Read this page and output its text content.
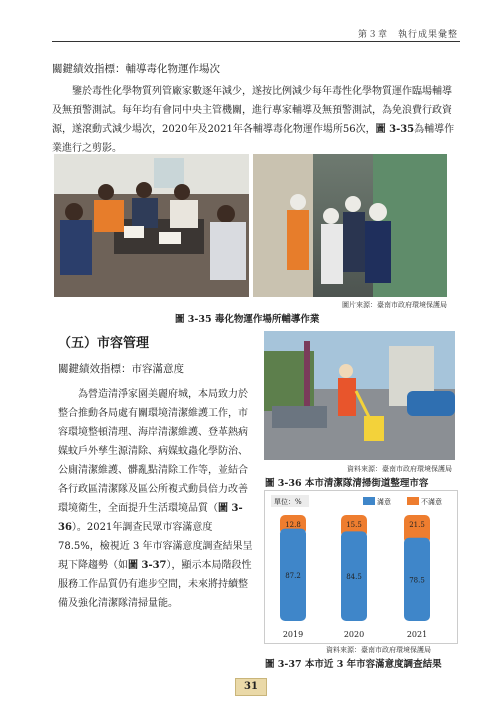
第３章　執行成果彙整
關鍵績效指標：輔導毒化物運作場次
鑒於毒性化學物質列管廠家數逐年減少，遂按比例減少每年毒性化學物質運作臨場輔導及無預警測試。每年均有會同中央主管機關，進行專家輔導及無預警測試，為免浪費行政資源，遂滾動式減少場次，2020年及2021年各輔導毒化物運作場所56次，圖 3-35為輔導作業進行之剪影。
圖片來源：臺南市政府環境保護局
圖 3-35 毒化物運作場所輔導作業
（五）市容管理
關鍵績效指標：市容滿意度
為營造清淨家園美麗府城，本局致力於整合推動各局處有關環境清潔維護工作，市容環境整頓清理、海岸清潔維護、登革熱病媒蚊戶外孳生源清除、病媒蚊蟲化學防治、公廁清潔維護、髒亂點清除工作等，並結合各行政區清潔隊及區公所複式動員倍力改善環境衛生，全面提升生活環境品質（圖 3-36）。2021年調查民眾市容滿意度78.5%，檢視近 3 年市容滿意度調查結果呈現下降趨勢（如圖 3-37），顯示本局階段性服務工作品質仍有進步空間，未來將持續整備及強化清潔隊清掃量能。
資料來源：臺南市政府環境保護局
圖 3-36 本市清潔隊清掃街道整理市容
單位：%	滿意	不滿意
12.8
87.2
15.5
84.5
21.5
78.5
2019	2020	2021
資料來源：臺南市政府環境保護局
圖 3-37 本市近 3 年市容滿意度調查結果
31
